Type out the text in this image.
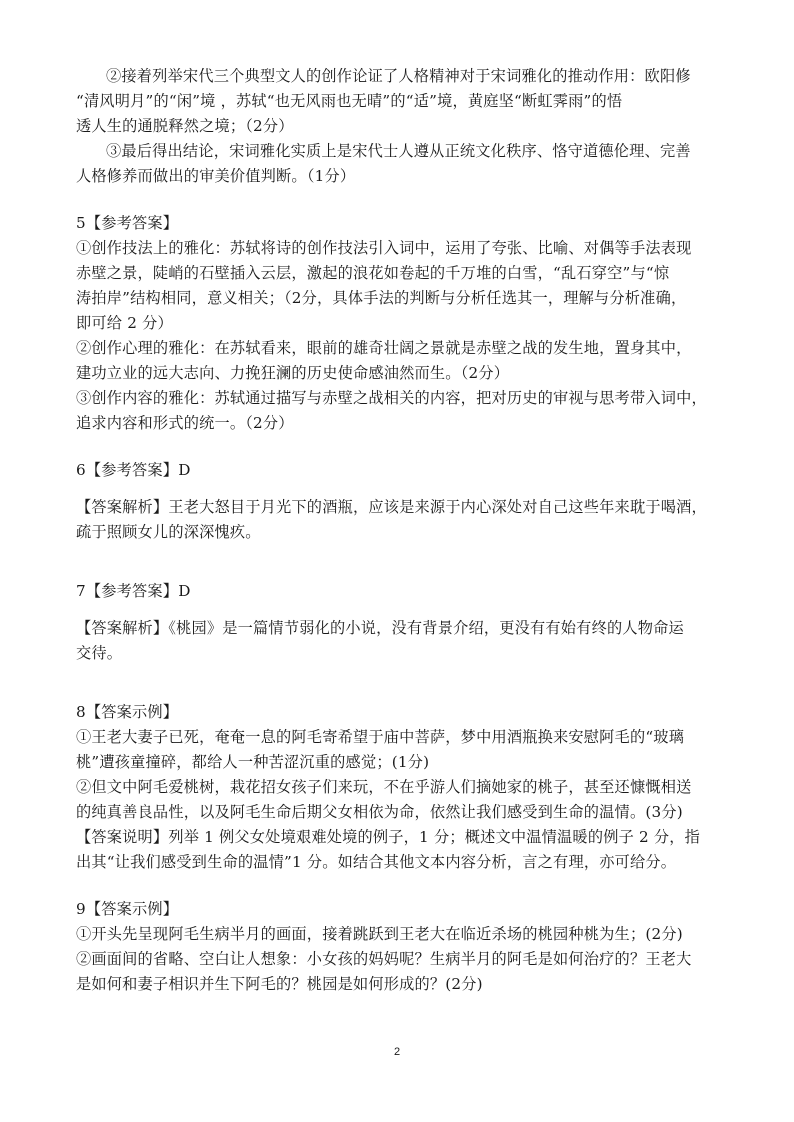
②接着列举宋代三个典型文人的创作论证了人格精神对于宋词雅化的推动作用：欧阳修
“清风明月”的“闲”境 ，苏轼“也无风雨也无晴”的“适”境，黄庭坚“断虹霁雨”的悟
透人生的通脱释然之境；（2分）
③最后得出结论，宋词雅化实质上是宋代士人遵从正统文化秩序、恪守道德伦理、完善
人格修养而做出的审美价值判断。（1分）
5【参考答案】
①创作技法上的雅化：苏轼将诗的创作技法引入词中，运用了夸张、比喻、对偶等手法表现
赤壁之景，陡峭的石壁插入云层，激起的浪花如卷起的千万堆的白雪，“乱石穿空”与“惊
涛拍岸”结构相同，意义相关；（2分，具体手法的判断与分析任选其一，理解与分析准确，
即可给 2 分）
②创作心理的雅化：在苏轼看来，眼前的雄奇壮阔之景就是赤壁之战的发生地，置身其中，
建功立业的远大志向、力挽狂澜的历史使命感油然而生。（2分）
③创作内容的雅化：苏轼通过描写与赤壁之战相关的内容，把对历史的审视与思考带入词中，
追求内容和形式的统一。（2分）
6【参考答案】D
【答案解析】王老大怒目于月光下的酒瓶，应该是来源于内心深处对自己这些年来耽于喝酒，
疏于照顾女儿的深深愧疚。
7【参考答案】D
【答案解析】《桃园》是一篇情节弱化的小说，没有背景介绍，更没有有始有终的人物命运
交待。
8【答案示例】
①王老大妻子已死，奄奄一息的阿毛寄希望于庙中菩萨，梦中用酒瓶换来安慰阿毛的“玻璃
桃”遭孩童撞碎，都给人一种苦涩沉重的感觉；(1分)
②但文中阿毛爱桃树，栽花招女孩子们来玩，不在乎游人们摘她家的桃子，甚至还慷慨相送
的纯真善良品性，以及阿毛生命后期父女相依为命，依然让我们感受到生命的温情。(3分)
【答案说明】列举 1 例父女处境艰难处境的例子，1 分；概述文中温情温暖的例子 2 分，指
出其“让我们感受到生命的温情”1 分。如结合其他文本内容分析，言之有理，亦可给分。
9【答案示例】
①开头先呈现阿毛生病半月的画面，接着跳跃到王老大在临近杀场的桃园种桃为生；(2分)
②画面间的省略、空白让人想象：小女孩的妈妈呢？生病半月的阿毛是如何治疗的？王老大
是如何和妻子相识并生下阿毛的？桃园是如何形成的？(2分)
2
